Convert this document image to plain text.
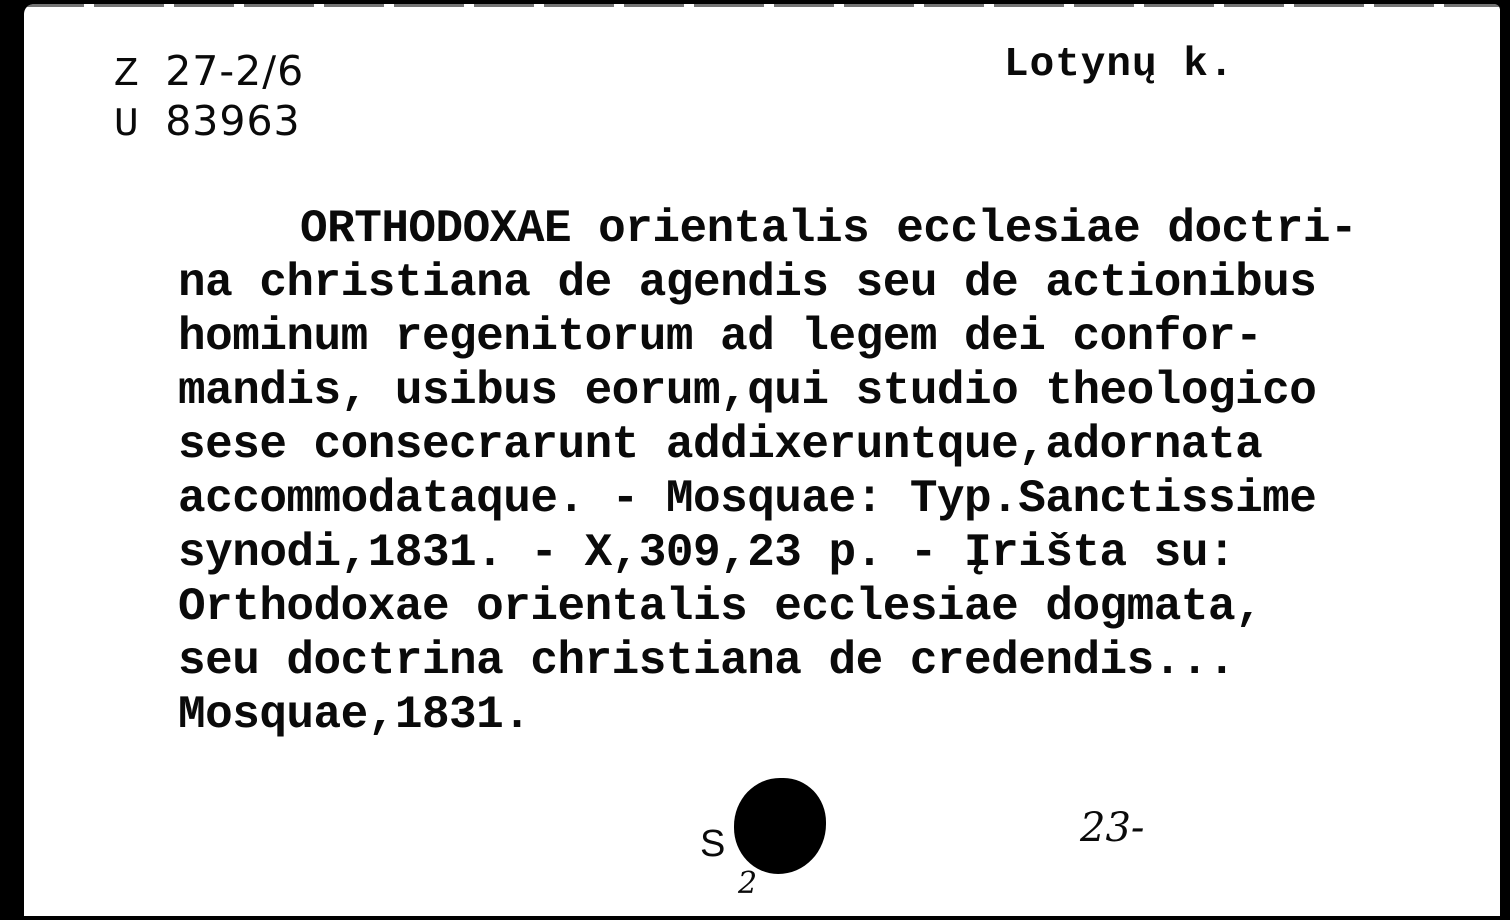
Z 27-2/6
U 83963
Lotynų k.
ORTHODOXAE orientalis ecclesiae doctri-
na christiana de agendis seu de actionibus
hominum regenitorum ad legem dei confor-
mandis, usibus eorum,qui studio theologico
sese consecrarunt addixeruntque,adornata
accommodataque. - Mosquae: Typ.Sanctissime
synodi,1831. - X,309,23 p. - Įrišta su:
Orthodoxae orientalis ecclesiae dogmata,
seu doctrina christiana de credendis...
Mosquae,1831.
S
2
23-
